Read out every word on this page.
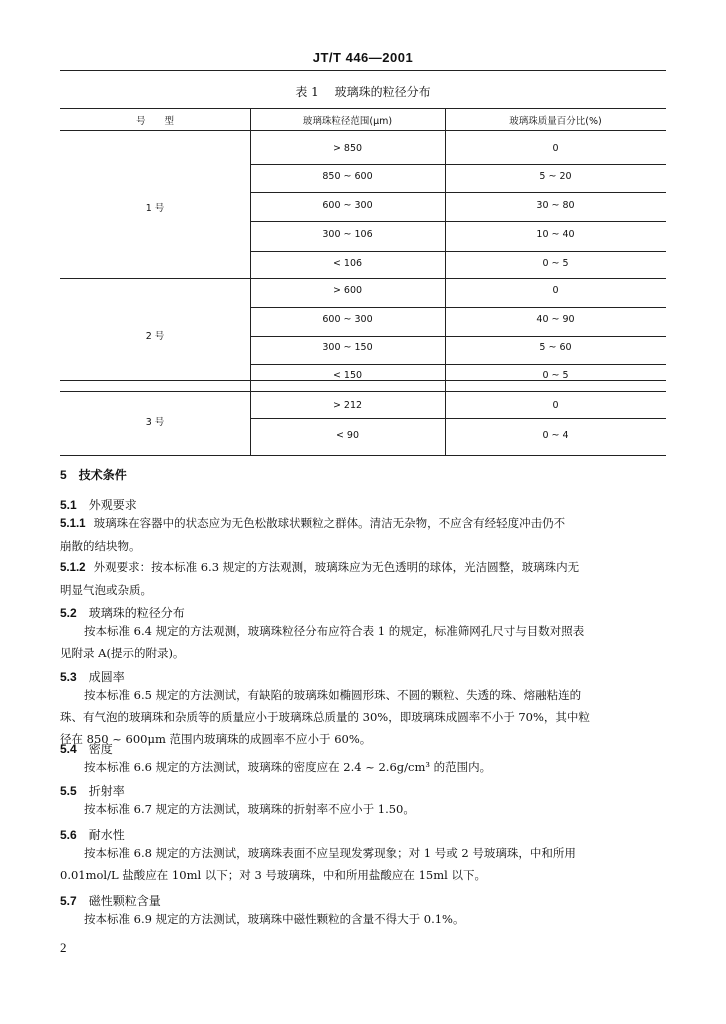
JT/T 446—2001
表 1 玻璃珠的粒径分布
号　　型	玻璃珠粒径范围(μm)	玻璃珠质量百分比(%)
1 号
> 850	0
850 ~ 600	5 ~ 20
600 ~ 300	30 ~ 80
300 ~ 106	10 ~ 40
< 106	0 ~ 5
2 号
> 600	0
600 ~ 300	40 ~ 90
300 ~ 150	5 ~ 60
< 150	0 ~ 5
3 号
> 212	0
< 90	0 ~ 4
5 技术条件
5.1 外观要求
5.1.1 玻璃珠在容器中的状态应为无色松散球状颗粒之群体。清洁无杂物，不应含有经轻度冲击仍不
崩散的结块物。
5.1.2 外观要求：按本标准 6.3 规定的方法观测，玻璃珠应为无色透明的球体，光洁圆整，玻璃珠内无
明显气泡或杂质。
5.2 玻璃珠的粒径分布
按本标准 6.4 规定的方法观测，玻璃珠粒径分布应符合表 1 的规定，标准筛网孔尺寸与目数对照表
见附录 A(提示的附录)。
5.3 成圆率
按本标准 6.5 规定的方法测试，有缺陷的玻璃珠如椭圆形珠、不圆的颗粒、失透的珠、熔融粘连的
珠、有气泡的玻璃珠和杂质等的质量应小于玻璃珠总质量的 30%，即玻璃珠成圆率不小于 70%，其中粒
径在 850 ~ 600μm 范围内玻璃珠的成圆率不应小于 60%。
5.4 密度
按本标准 6.6 规定的方法测试，玻璃珠的密度应在 2.4 ~ 2.6g/cm³ 的范围内。
5.5 折射率
按本标准 6.7 规定的方法测试，玻璃珠的折射率不应小于 1.50。
5.6 耐水性
按本标准 6.8 规定的方法测试，玻璃珠表面不应呈现发雾现象；对 1 号或 2 号玻璃珠，中和所用
0.01mol/L 盐酸应在 10ml 以下；对 3 号玻璃珠，中和所用盐酸应在 15ml 以下。
5.7 磁性颗粒含量
按本标准 6.9 规定的方法测试，玻璃珠中磁性颗粒的含量不得大于 0.1%。
2
